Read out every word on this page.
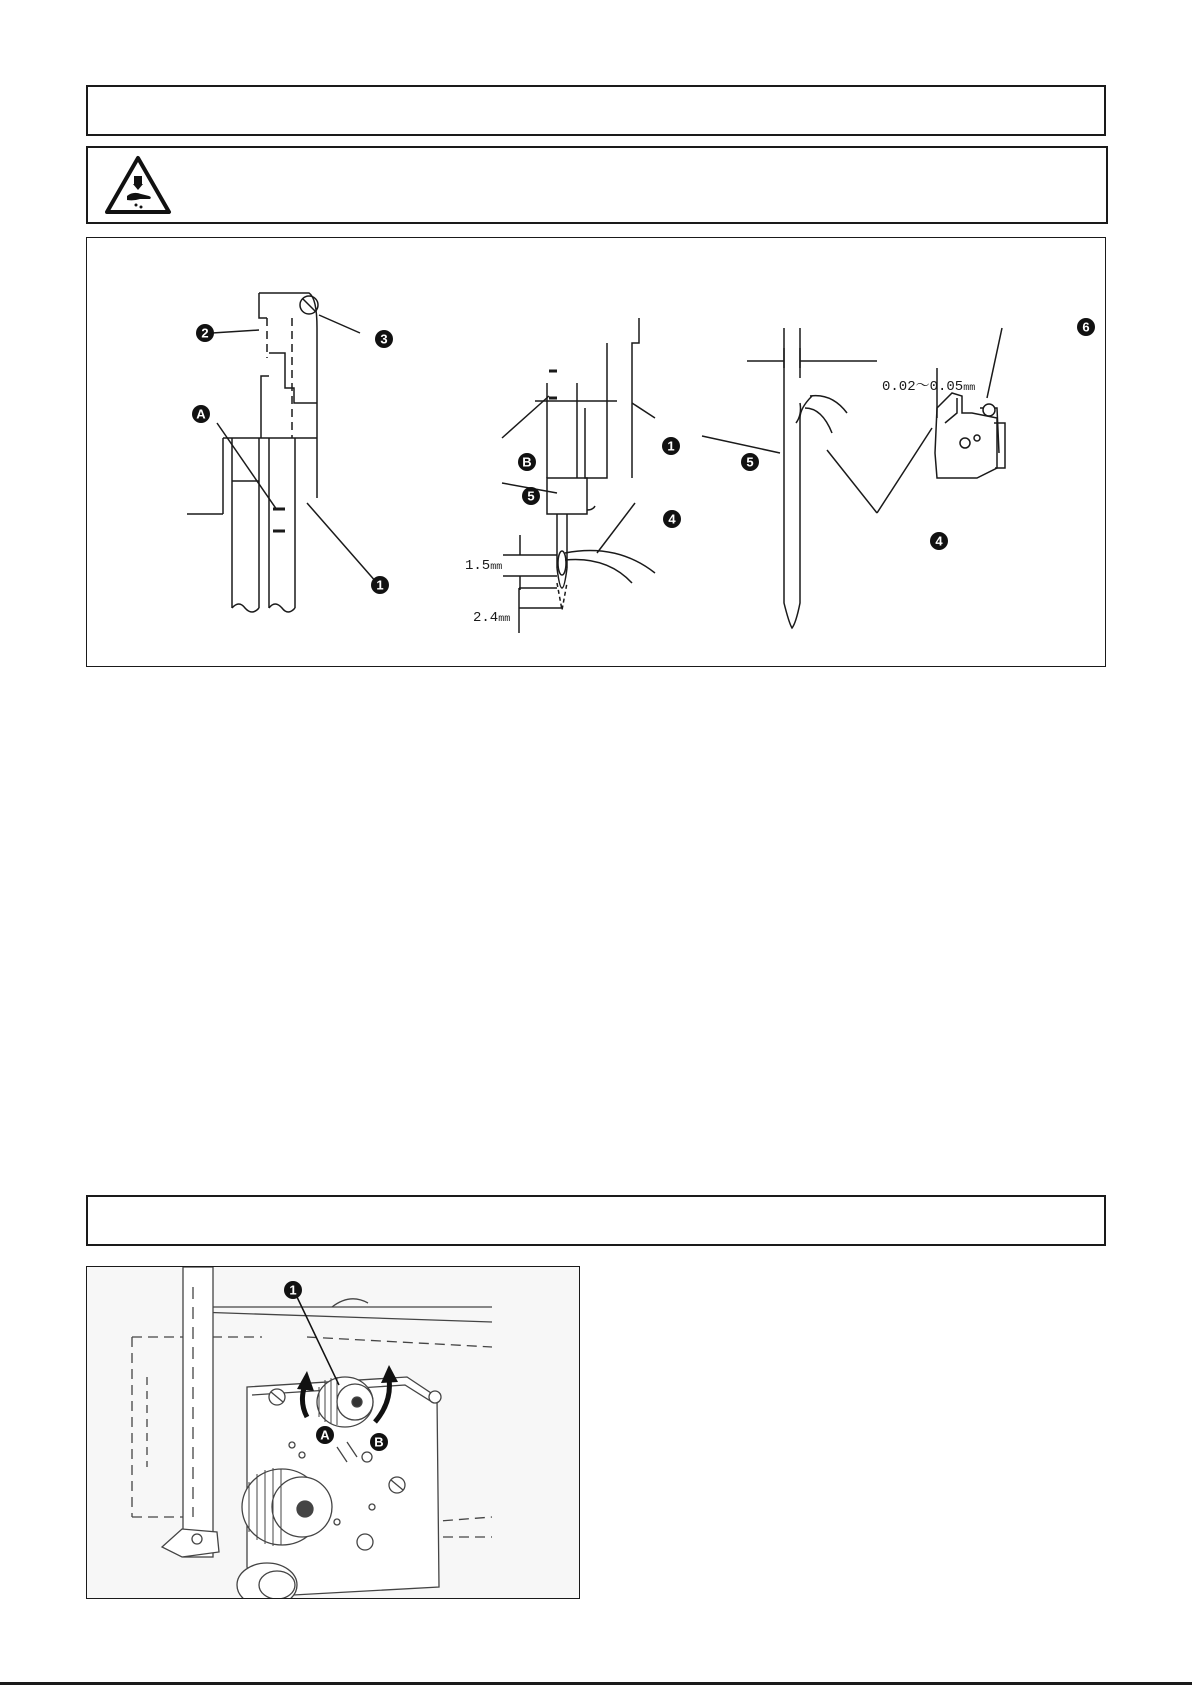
2	3
A
1
1
B
5
4
5
4
6
1.5mm
2.4mm
0.02～0.05mm
1
A	B
